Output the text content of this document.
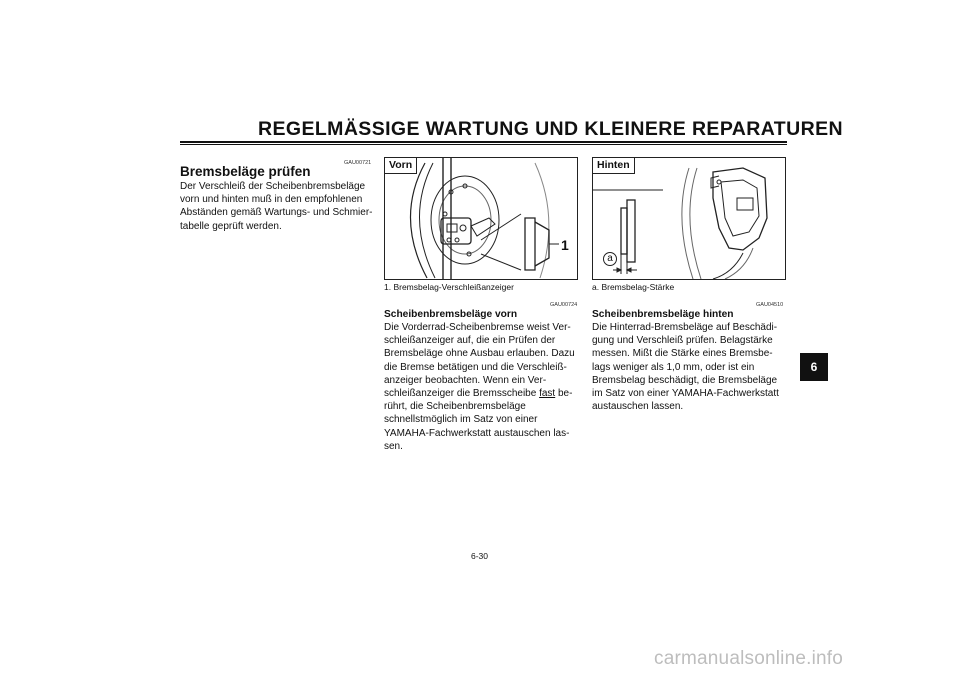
REGELMÄSSIGE WARTUNG UND KLEINERE REPARATUREN
GAU00721
Bremsbeläge prüfen
Der Verschleiß der Scheibenbremsbeläge
vorn und hinten muß in den empfohlenen
Abständen gemäß Wartungs- und Schmier-
tabelle geprüft werden.
Vorn
1
1. Bremsbelag-Verschleißanzeiger
GAU00724
Scheibenbremsbeläge vorn
Die Vorderrad-Scheibenbremse weist Ver-
schleißanzeiger auf, die ein Prüfen der
Bremsbeläge ohne Ausbau erlauben. Dazu
die Bremse betätigen und die Verschleiß-
anzeiger beobachten. Wenn ein Ver-
schleißanzeiger die Bremsscheibe fast be-
rührt, die Scheibenbremsbeläge
schnellstmöglich im Satz von einer
YAMAHA-Fachwerkstatt austauschen las-
sen.
Hinten
a
a. Bremsbelag-Stärke
GAU04510
Scheibenbremsbeläge hinten
Die Hinterrad-Bremsbeläge auf Beschädi-
gung und Verschleiß prüfen. Belagstärke
messen. Mißt die Stärke eines Bremsbe-
lags weniger als 1,0 mm, oder ist ein
Bremsbelag beschädigt, die Bremsbeläge
im Satz von einer YAMAHA-Fachwerkstatt
austauschen lassen.
6
6-30
carmanualsonline.info
